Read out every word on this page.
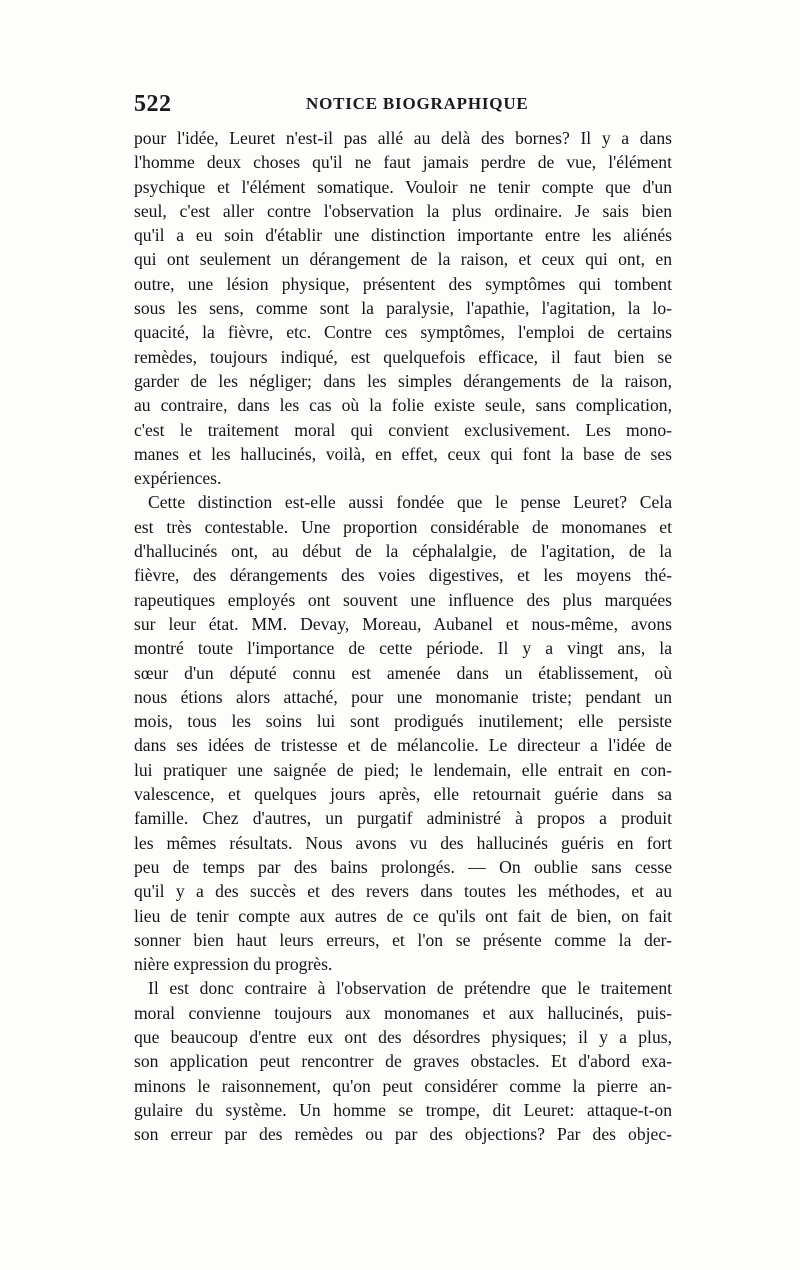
522	NOTICE BIOGRAPHIQUE

pour l'idée, Leuret n'est-il pas allé au delà des bornes? Il y a dans
l'homme deux choses qu'il ne faut jamais perdre de vue, l'élément
psychique et l'élément somatique. Vouloir ne tenir compte que d'un
seul, c'est aller contre l'observation la plus ordinaire. Je sais bien
qu'il a eu soin d'établir une distinction importante entre les aliénés
qui ont seulement un dérangement de la raison, et ceux qui ont, en
outre, une lésion physique, présentent des symptômes qui tombent
sous les sens, comme sont la paralysie, l'apathie, l'agitation, la lo-
quacité, la fièvre, etc. Contre ces symptômes, l'emploi de certains
remèdes, toujours indiqué, est quelquefois efficace, il faut bien se
garder de les négliger; dans les simples dérangements de la raison,
au contraire, dans les cas où la folie existe seule, sans complication,
c'est le traitement moral qui convient exclusivement. Les mono-
manes et les hallucinés, voilà, en effet, ceux qui font la base de ses
expériences.

Cette distinction est-elle aussi fondée que le pense Leuret? Cela
est très contestable. Une proportion considérable de monomanes et
d'hallucinés ont, au début de la céphalalgie, de l'agitation, de la
fièvre, des dérangements des voies digestives, et les moyens thé-
rapeutiques employés ont souvent une influence des plus marquées
sur leur état. MM. Devay, Moreau, Aubanel et nous-même, avons
montré toute l'importance de cette période. Il y a vingt ans, la
sœur d'un député connu est amenée dans un établissement, où
nous étions alors attaché, pour une monomanie triste; pendant un
mois, tous les soins lui sont prodigués inutilement; elle persiste
dans ses idées de tristesse et de mélancolie. Le directeur a l'idée de
lui pratiquer une saignée de pied; le lendemain, elle entrait en con-
valescence, et quelques jours après, elle retournait guérie dans sa
famille. Chez d'autres, un purgatif administré à propos a produit
les mêmes résultats. Nous avons vu des hallucinés guéris en fort
peu de temps par des bains prolongés. — On oublie sans cesse
qu'il y a des succès et des revers dans toutes les méthodes, et au
lieu de tenir compte aux autres de ce qu'ils ont fait de bien, on fait
sonner bien haut leurs erreurs, et l'on se présente comme la der-
nière expression du progrès.

Il est donc contraire à l'observation de prétendre que le traitement
moral convienne toujours aux monomanes et aux hallucinés, puis-
que beaucoup d'entre eux ont des désordres physiques; il y a plus,
son application peut rencontrer de graves obstacles. Et d'abord exa-
minons le raisonnement, qu'on peut considérer comme la pierre an-
gulaire du système. Un homme se trompe, dit Leuret: attaque-t-on
son erreur par des remèdes ou par des objections? Par des objec-
